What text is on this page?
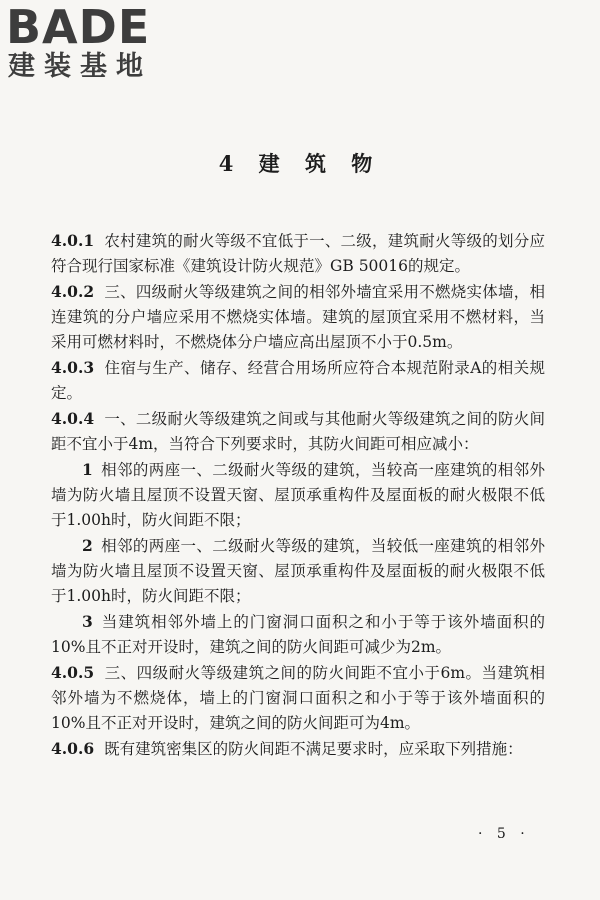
BADE
建装基地
4 建 筑 物

4.0.1 农村建筑的耐火等级不宜低于一、二级，建筑耐火等级的划分应符合现行国家标准《建筑设计防火规范》GB 50016的规定。

4.0.2 三、四级耐火等级建筑之间的相邻外墙宜采用不燃烧实体墙，相连建筑的分户墙应采用不燃烧实体墙。建筑的屋顶宜采用不燃材料，当采用可燃材料时，不燃烧体分户墙应高出屋顶不小于0.5m。

4.0.3 住宿与生产、储存、经营合用场所应符合本规范附录A的相关规定。

4.0.4 一、二级耐火等级建筑之间或与其他耐火等级建筑之间的防火间距不宜小于4m，当符合下列要求时，其防火间距可相应减小：

1 相邻的两座一、二级耐火等级的建筑，当较高一座建筑的相邻外墙为防火墙且屋顶不设置天窗、屋顶承重构件及屋面板的耐火极限不低于1.00h时，防火间距不限；

2 相邻的两座一、二级耐火等级的建筑，当较低一座建筑的相邻外墙为防火墙且屋顶不设置天窗、屋顶承重构件及屋面板的耐火极限不低于1.00h时，防火间距不限；

3 当建筑相邻外墙上的门窗洞口面积之和小于等于该外墙面积的10%且不正对开设时，建筑之间的防火间距可减少为2m。

4.0.5 三、四级耐火等级建筑之间的防火间距不宜小于6m。当建筑相邻外墙为不燃烧体，墙上的门窗洞口面积之和小于等于该外墙面积的10%且不正对开设时，建筑之间的防火间距可为4m。

4.0.6 既有建筑密集区的防火间距不满足要求时，应采取下列措施：

· 5 ·
